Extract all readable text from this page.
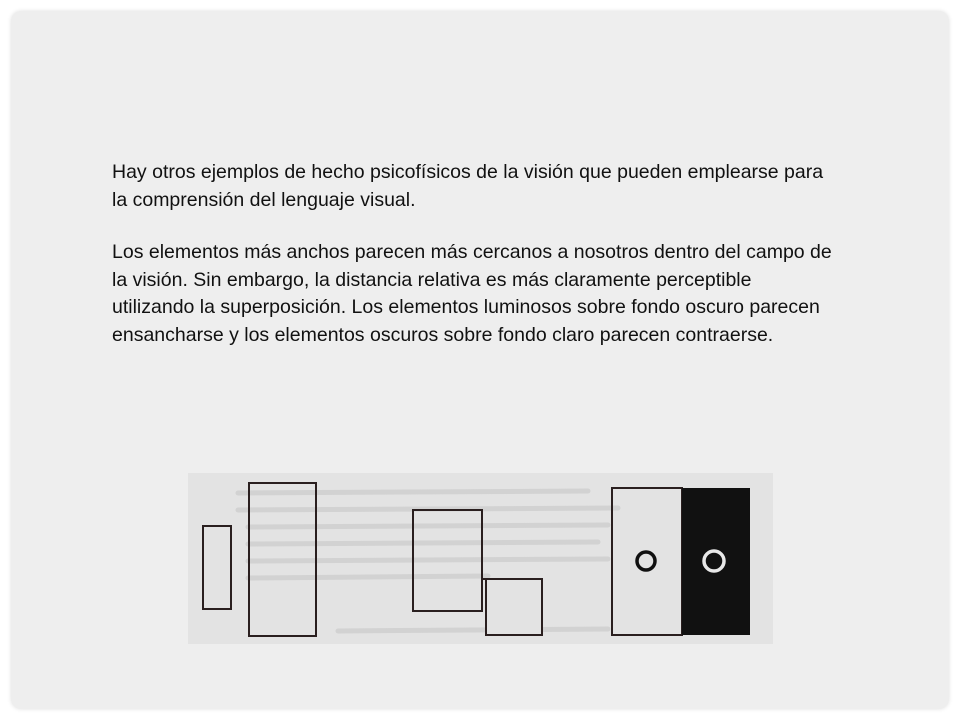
Hay otros ejemplos de hecho psicofísicos de la visión que pueden emplearse para la comprensión del lenguaje visual.

Los elementos más anchos parecen más cercanos a nosotros dentro del campo de la visión. Sin embargo, la distancia relativa es más claramente perceptible utilizando la superposición. Los elementos luminosos sobre fondo oscuro parecen ensancharse y los elementos oscuros sobre fondo claro parecen contraerse.
